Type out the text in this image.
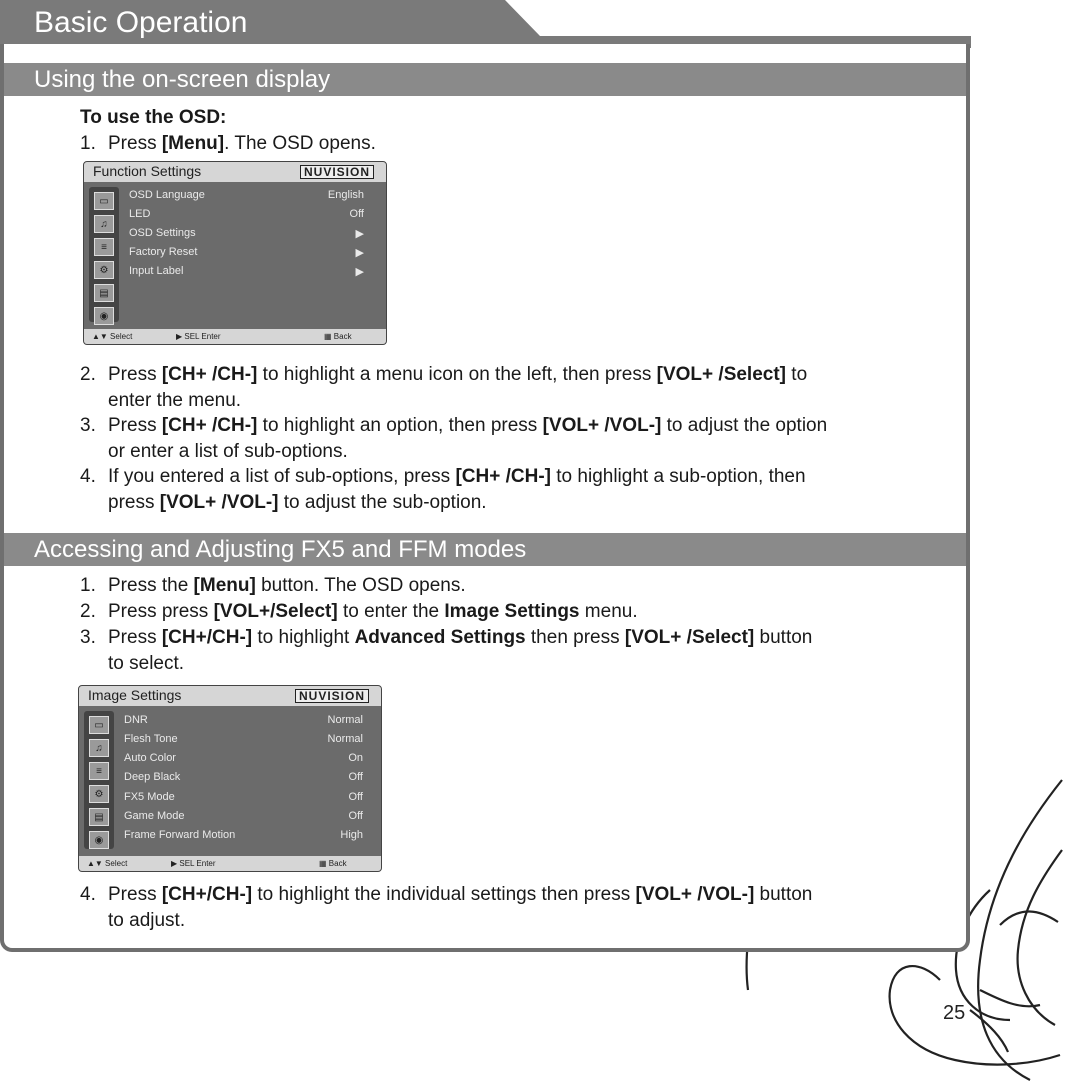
Basic Operation
Using the on-screen display
To use the OSD:
1. Press [Menu]. The OSD opens.
Function Settings	NUVISION
▭
♫
≡
⚙
▤
◉
OSD Language	English
LED	Off
OSD Settings	▶
Factory Reset	▶
Input Label	▶
▲▼ Select	▶ SEL Enter	▦ Back
2. Press [CH+ /CH-] to highlight a menu icon on the left, then press [VOL+ /Select] to
enter the menu.
3. Press [CH+ /CH-] to highlight an option, then press [VOL+ /VOL-] to adjust the option
or enter a list of sub-options.
4. If you entered a list of sub-options, press [CH+ /CH-] to highlight a sub-option, then
press [VOL+ /VOL-] to adjust the sub-option.
Accessing and Adjusting FX5 and FFM modes
1. Press the [Menu] button. The OSD opens.
2. Press press [VOL+/Select] to enter the Image Settings menu.
3. Press [CH+/CH-] to highlight Advanced Settings then press [VOL+ /Select] button
to select.
Image Settings	NUVISION
▭
♫
≡
⚙
▤
◉
DNR	Normal
Flesh Tone	Normal
Auto Color	On
Deep Black	Off
FX5 Mode	Off
Game Mode	Off
Frame Forward Motion	High
▲▼ Select	▶ SEL Enter	▦ Back
4. Press [CH+/CH-] to highlight the individual settings then press [VOL+ /VOL-] button
to adjust.
25
